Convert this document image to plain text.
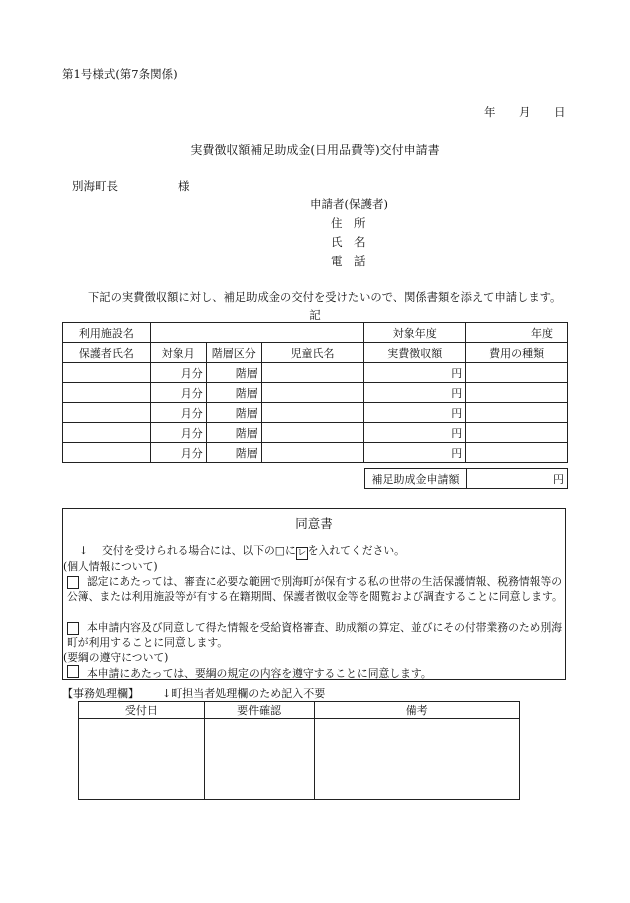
第1号様式(第7条関係)
年 月 日
実費徴収額補足助成金(日用品費等)交付申請書
別海町長	様
申請者(保護者)
住　所
氏　名
電　話
下記の実費徴収額に対し、補足助成金の交付を受けたいので、関係書類を添えて申請します。
記
利用施設名				対象年度	年度
保護者氏名	対象月	階層区分	児童氏名	実費徴収額	費用の種類
	月分	階層		円	
	月分	階層		円	
	月分	階層		円	
	月分	階層		円	
	月分	階層		円	
補足助成金申請額	円
同意書
↓ 交付を受けられる場合には、以下の□にレ を入れてください。
(個人情報について)
認定にあたっては、審査に必要な範囲で別海町が保有する私の世帯の生活保護情報、税務情報等の公簿、または利用施設等が有する在籍期間、保護者徴収金等を閲覧および調査することに同意します。
本申請内容及び同意して得た情報を受給資格審査、助成額の算定、並びにその付帯業務のため別海町が利用することに同意します。
(要綱の遵守について)
本申請にあたっては、要綱の規定の内容を遵守することに同意します。
【事務処理欄】 ↓町担当者処理欄のため記入不要
受付日	要件確認	備考
